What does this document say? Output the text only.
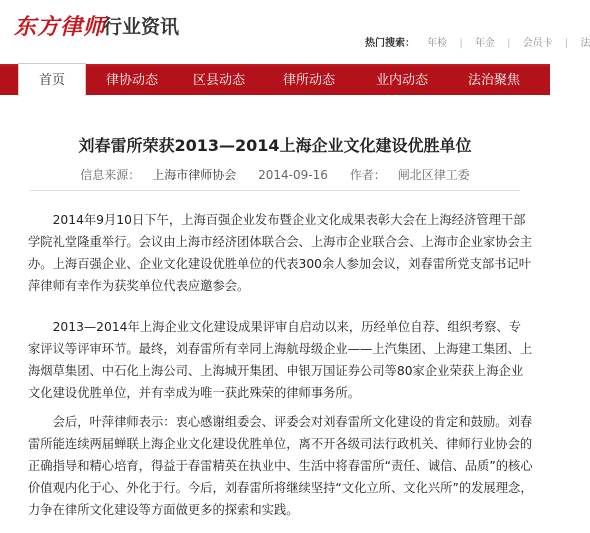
东方律师
行业资讯
热门搜索： 年检 | 年金 | 会员卡 | 法
首页	律协动态	区县动态	律所动态	业内动态	法治聚焦
刘春雷所荣获2013—2014上海企业文化建设优胜单位
信息来源： 上海市律师协会 2014-09-16 作者： 闸北区律工委

2014年9月10日下午，上海百强企业发布暨企业文化成果表彰大会在上海经济管理干部学院礼堂隆重举行。会议由上海市经济团体联合会、上海市企业联合会、上海市企业家协会主办。上海百强企业、企业文化建设优胜单位的代表300余人参加会议，刘春雷所党支部书记叶萍律师有幸作为获奖单位代表应邀参会。

2013—2014年上海企业文化建设成果评审自启动以来，历经单位自荐、组织考察、专家评议等评审环节。最终，刘春雷所有幸同上海航母级企业——上汽集团、上海建工集团、上海烟草集团、中石化上海公司、上海城开集团、申银万国证券公司等80家企业荣获上海企业文化建设优胜单位，并有幸成为唯一获此殊荣的律师事务所。

会后，叶萍律师表示：衷心感谢组委会、评委会对刘春雷所文化建设的肯定和鼓励。刘春雷所能连续两届蝉联上海企业文化建设优胜单位，离不开各级司法行政机关、律师行业协会的正确指导和精心培育，得益于春雷精英在执业中、生活中将春雷所“责任、诚信、品质”的核心价值观内化于心、外化于行。今后，刘春雷所将继续坚持“文化立所、文化兴所”的发展理念，力争在律所文化建设等方面做更多的探索和实践。
